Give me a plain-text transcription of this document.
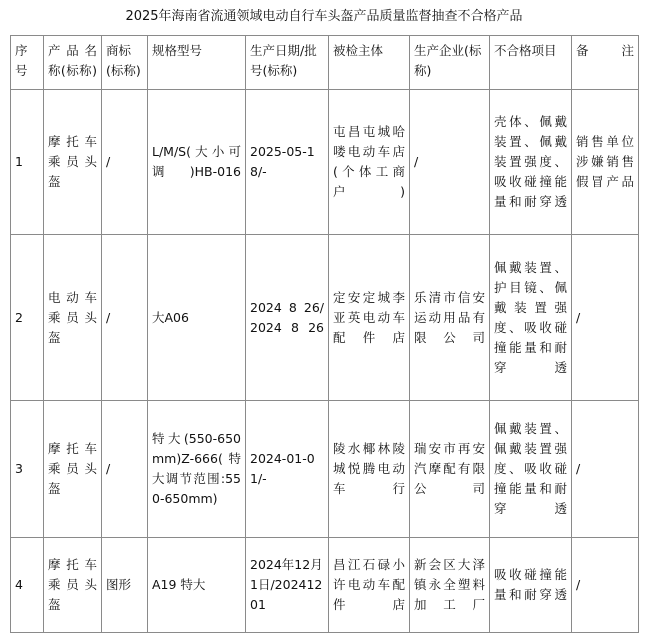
2025年海南省流通领域电动自行车头盔产品质量监督抽查不合格产品
序号	产品名称(标称)	商标(标称)	规格型号	生产日期/批号(标称)	被检主体	生产企业(标称)	不合格项目	备注
1	摩托车乘员头盔	/	L/M/S(大小可调)HB-016	2025-05-18/-	屯昌屯城哈喽电动车店(个体工商户)	/	壳体、佩戴装置、佩戴装置强度、吸收碰撞能量和耐穿透	销售单位涉嫌销售假冒产品
2	电动车乘员头盔	/	大A06	2024 8 26/2024 8 26	定安定城李亚英电动车配件店	乐清市信安运动用品有限公司	佩戴装置、护目镜、佩戴装置强度、吸收碰撞能量和耐穿透	/
3	摩托车乘员头盔	/	特大(550-650mm)Z-666(特大调节范围:550-650mm)	2024-01-01/-	陵水椰林陵城悦腾电动车行	瑞安市再安汽摩配有限公司	佩戴装置、佩戴装置强度、吸收碰撞能量和耐穿透	/
4	摩托车乘员头盔	图形	A19 特大	2024年12月1日/20241201	昌江石碌小许电动车配件店	新会区大泽镇永全塑料加工厂	吸收碰撞能量和耐穿透	/
